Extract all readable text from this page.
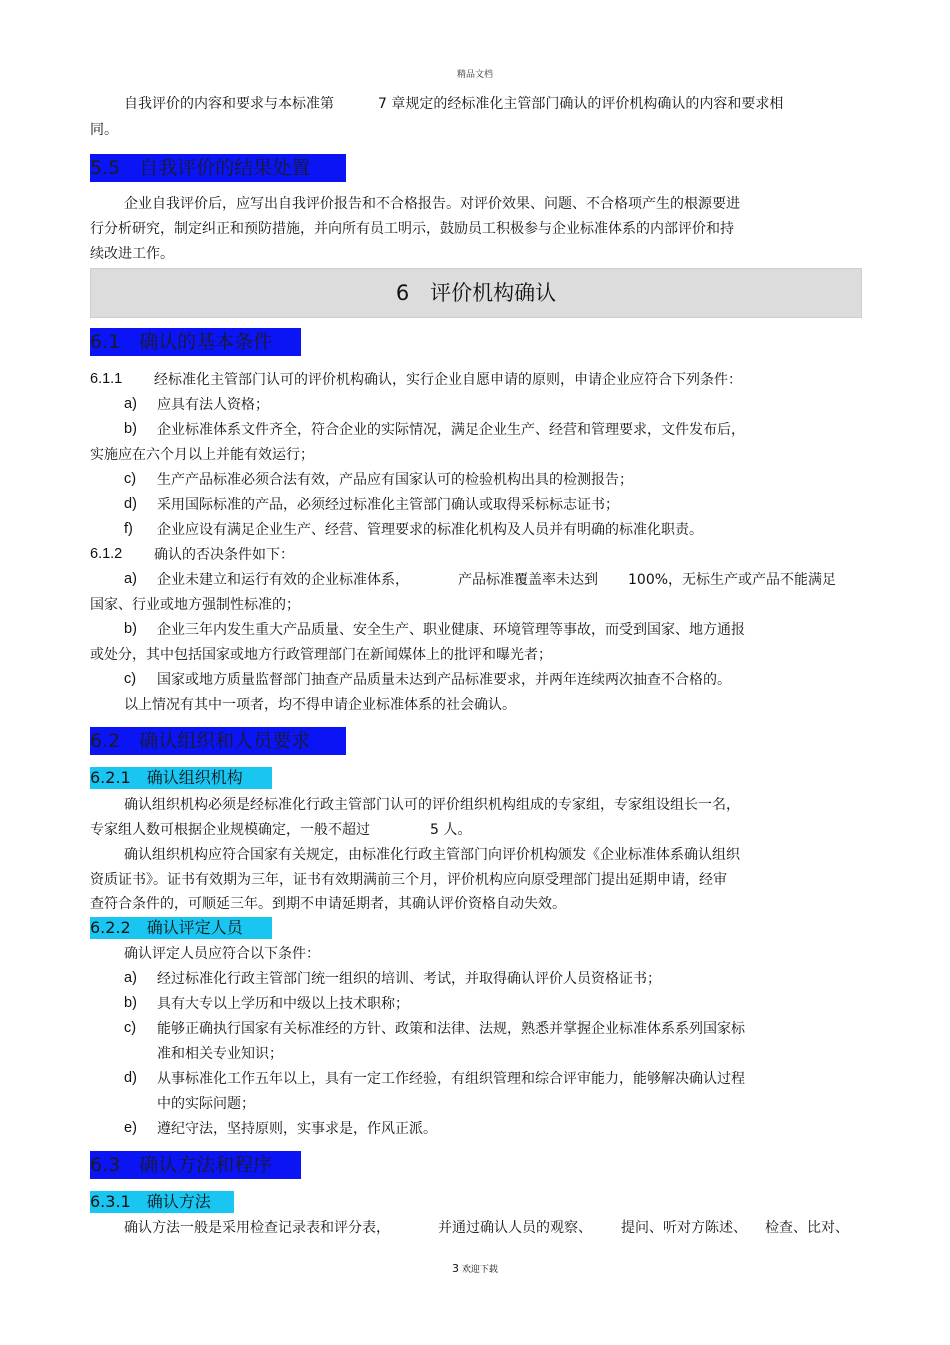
精品文档
自我评价的内容和要求与本标准第	7 章规定的经标准化主管部门确认的评价机构确认的内容和要求相
同。
5.5　自我评价的结果处置
企业自我评价后，应写出自我评价报告和不合格报告。对评价效果、问题、不合格项产生的根源要进
行分析研究，制定纠正和预防措施，并向所有员工明示，鼓励员工积极参与企业标准体系的内部评价和持
续改进工作。
6　评价机构确认
6.1　确认的基本条件
6.1.1 经标准化主管部门认可的评价机构确认，实行企业自愿申请的原则，申请企业应符合下列条件：
a) 应具有法人资格；
b) 企业标准体系文件齐全，符合企业的实际情况，满足企业生产、经营和管理要求，文件发布后，
实施应在六个月以上并能有效运行；
c) 生产产品标准必须合法有效，产品应有国家认可的检验机构出具的检测报告；
d) 采用国际标准的产品，必须经过标准化主管部门确认或取得采标标志证书；
f) 企业应设有满足企业生产、经营、管理要求的标准化机构及人员并有明确的标准化职责。
6.1.2 确认的否决条件如下：
a) 企业未建立和运行有效的企业标准体系，	产品标准覆盖率未达到 100%，无标生产或产品不能满足
国家、行业或地方强制性标准的；
b) 企业三年内发生重大产品质量、安全生产、职业健康、环境管理等事故，而受到国家、地方通报
或处分，其中包括国家或地方行政管理部门在新闻媒体上的批评和曝光者；
c) 国家或地方质量监督部门抽查产品质量未达到产品标准要求，并两年连续两次抽查不合格的。
以上情况有其中一项者，均不得申请企业标准体系的社会确认。
6.2　确认组织和人员要求
6.2.1　确认组织机构
确认组织机构必须是经标准化行政主管部门认可的评价组织机构组成的专家组，专家组设组长一名，
专家组人数可根据企业规模确定，一般不超过	5 人。
确认组织机构应符合国家有关规定，由标准化行政主管部门向评价机构颁发《企业标准体系确认组织
资质证书》。证书有效期为三年，证书有效期满前三个月，评价机构应向原受理部门提出延期申请，经审
查符合条件的，可顺延三年。到期不申请延期者，其确认评价资格自动失效。
6.2.2　确认评定人员
确认评定人员应符合以下条件：
a) 经过标准化行政主管部门统一组织的培训、考试，并取得确认评价人员资格证书；
b) 具有大专以上学历和中级以上技术职称；
c) 能够正确执行国家有关标准经的方针、政策和法律、法规，熟悉并掌握企业标准体系系列国家标
准和相关专业知识；
d) 从事标准化工作五年以上，具有一定工作经验，有组织管理和综合评审能力，能够解决确认过程
中的实际问题；
e) 遵纪守法，坚持原则，实事求是，作风正派。
6.3　确认方法和程序
6.3.1　确认方法
确认方法一般是采用检查记录表和评分表，	并通过确认人员的观察、 提问、听对方陈述、 检查、比对、
3 欢迎下载
